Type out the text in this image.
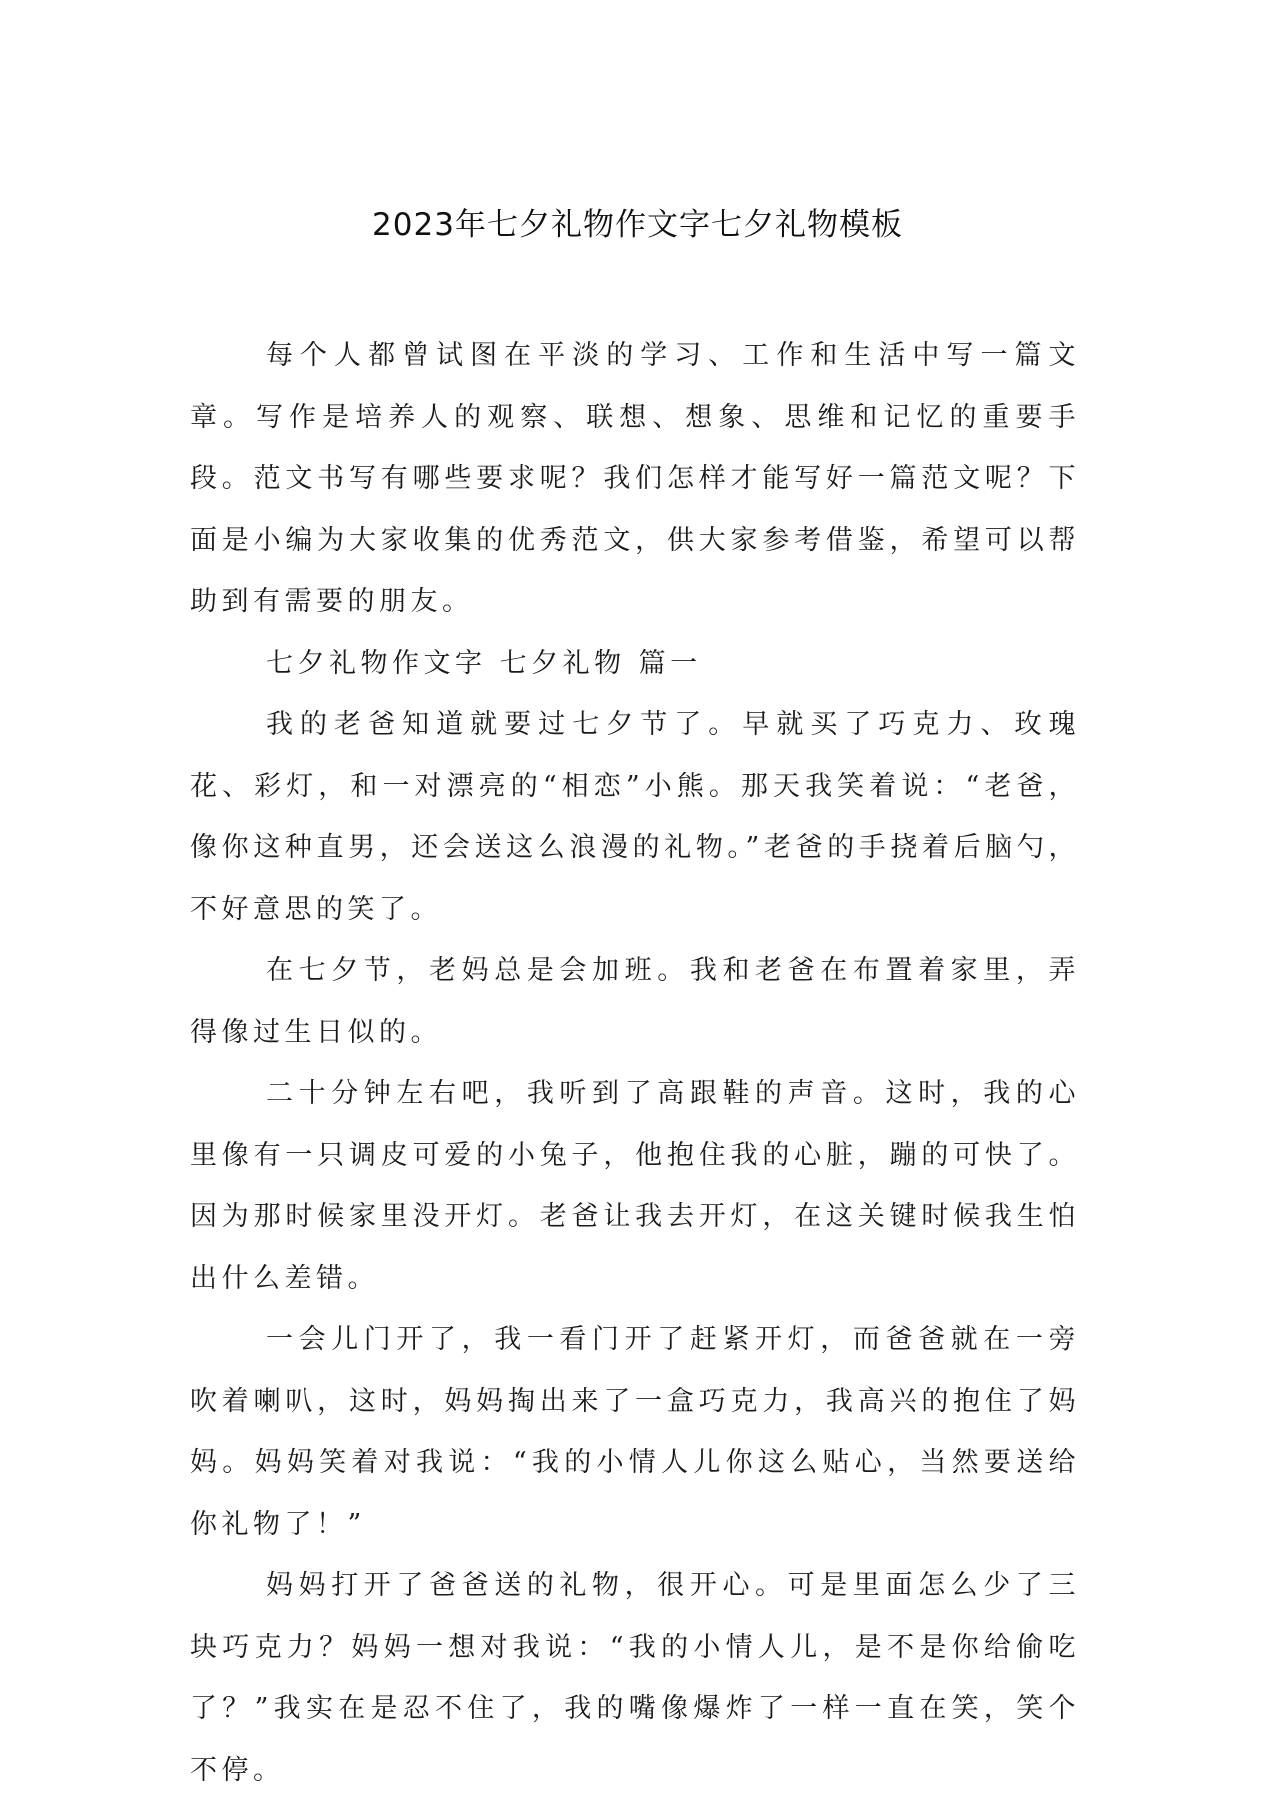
2023年七夕礼物作文字七夕礼物模板

每个人都曾试图在平淡的学习、工作和生活中写一篇文章。写作是培养人的观察、联想、想象、思维和记忆的重要手段。范文书写有哪些要求呢？我们怎样才能写好一篇范文呢？下面是小编为大家收集的优秀范文，供大家参考借鉴，希望可以帮助到有需要的朋友。

七夕礼物作文字 七夕礼物 篇一

我的老爸知道就要过七夕节了。早就买了巧克力、玫瑰花、彩灯，和一对漂亮的“相恋”小熊。那天我笑着说：“老爸，像你这种直男，还会送这么浪漫的礼物。”老爸的手挠着后脑勺，不好意思的笑了。

在七夕节，老妈总是会加班。我和老爸在布置着家里，弄得像过生日似的。

二十分钟左右吧，我听到了高跟鞋的声音。这时，我的心里像有一只调皮可爱的小兔子，他抱住我的心脏，蹦的可快了。因为那时候家里没开灯。老爸让我去开灯，在这关键时候我生怕出什么差错。

一会儿门开了，我一看门开了赶紧开灯，而爸爸就在一旁吹着喇叭，这时，妈妈掏出来了一盒巧克力，我高兴的抱住了妈妈。妈妈笑着对我说：“我的小情人儿你这么贴心，当然要送给你礼物了！”

妈妈打开了爸爸送的礼物，很开心。可是里面怎么少了三块巧克力？妈妈一想对我说：“我的小情人儿，是不是你给偷吃了？”我实在是忍不住了，我的嘴像爆炸了一样一直在笑，笑个不停。
